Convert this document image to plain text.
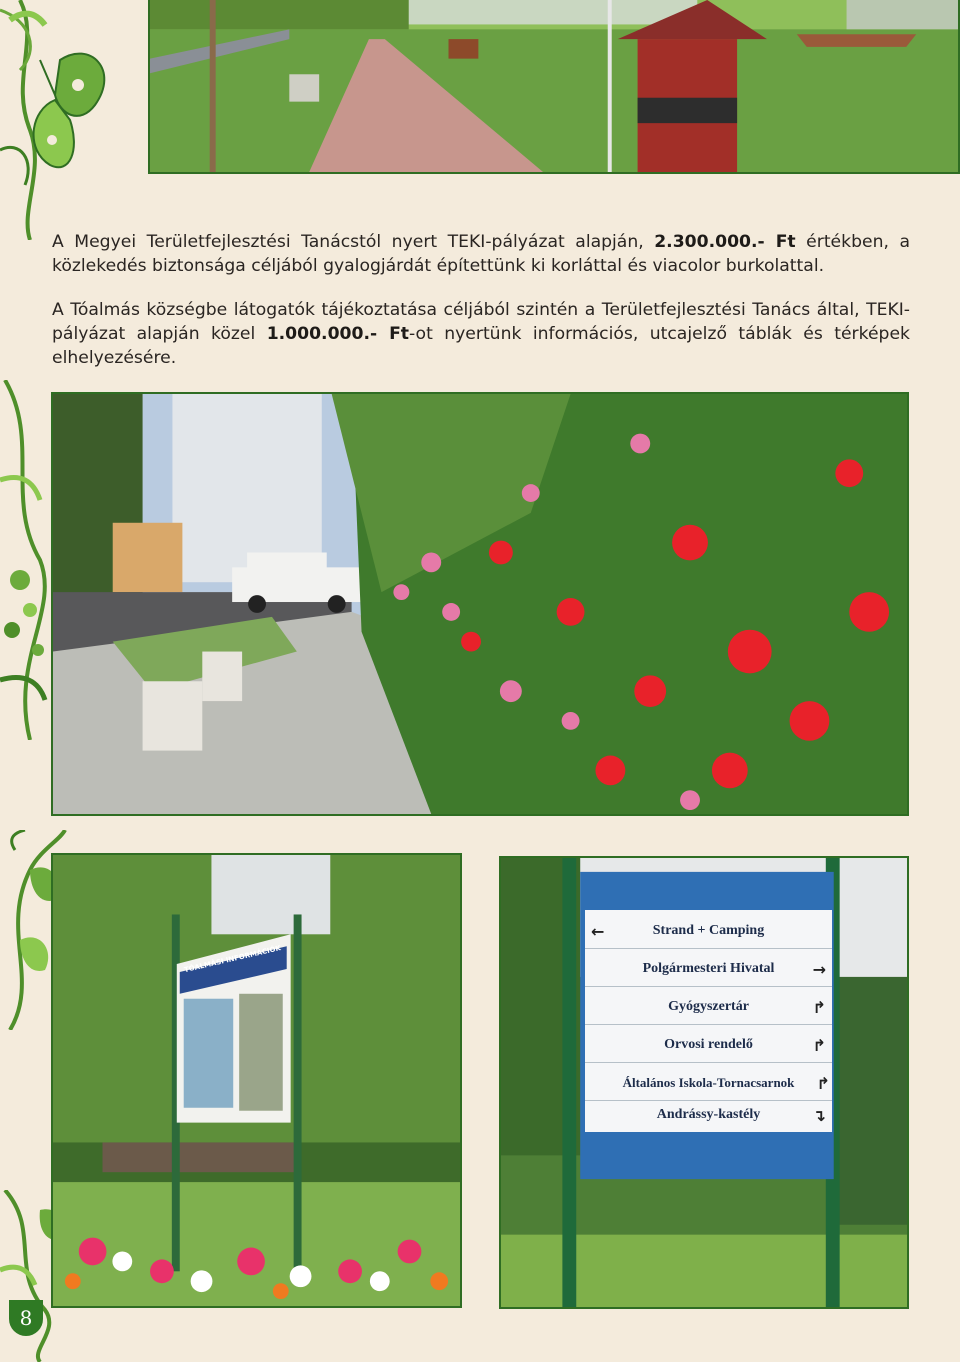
A Megyei Területfejlesztési Tanácstól nyert TEKI-pályázat alapján, 2.300.000.- Ft értékben, a közlekedés biztonsága céljából gyalogjárdát építettünk ki korláttal és viacolor burkolattal.

A Tóalmás községbe látogatók tájékoztatása céljából szintén a Területfejlesztési Tanács által, TEKI-pályázat alapján közel 1.000.000.- Ft-ot nyertünk információs, utcajelző táblák és térképek elhelyezésére.

TÓALMÁSI INFORMÁCIÓK
←	Strand + Camping
Polgármesteri Hivatal →
Gyógyszertár	↱
Orvosi rendelő	↱
Általános Iskola-Tornacsarnok ↱
Andrássy-kastély	↴
8
